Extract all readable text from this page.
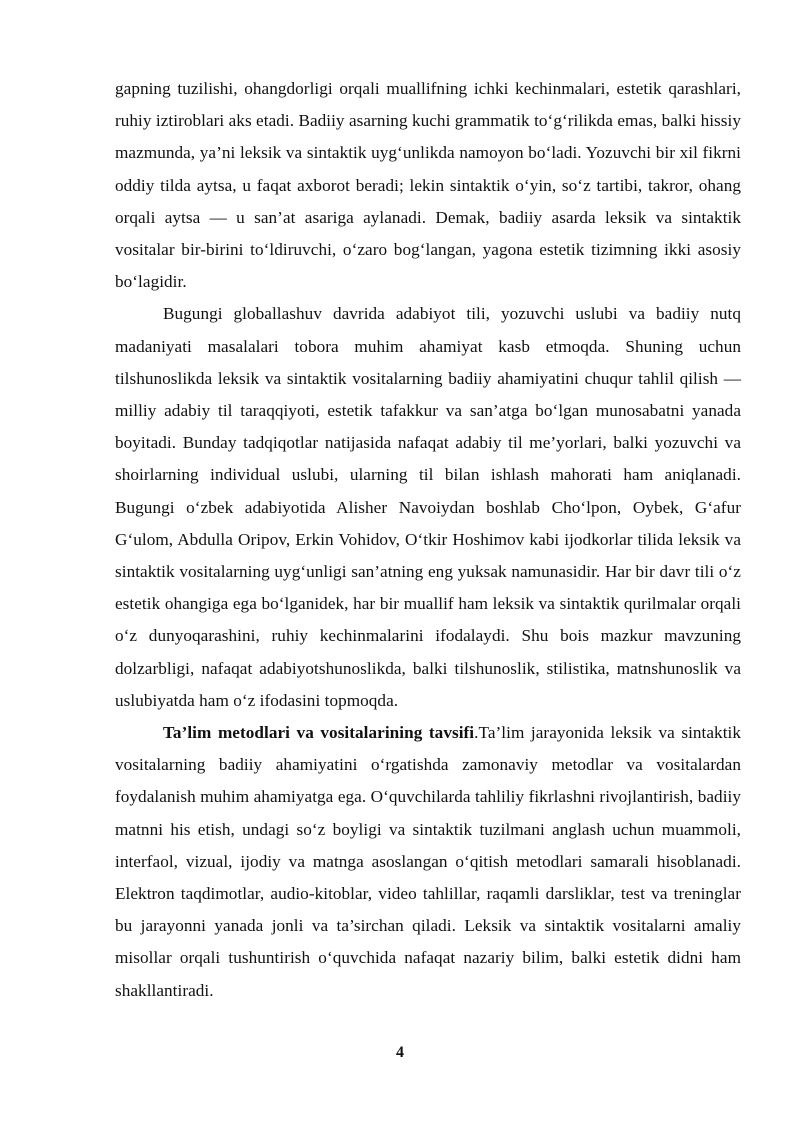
gapning tuzilishi, ohangdorligi orqali muallifning ichki kechinmalari, estetik qarashlari, ruhiy iztiroblari aks etadi. Badiiy asarning kuchi grammatik to‘g‘rilikda emas, balki hissiy mazmunda, ya’ni leksik va sintaktik uyg‘unlikda namoyon bo‘ladi. Yozuvchi bir xil fikrni oddiy tilda aytsa, u faqat axborot beradi; lekin sintaktik o‘yin, so‘z tartibi, takror, ohang orqali aytsa — u san’at asariga aylanadi. Demak, badiiy asarda leksik va sintaktik vositalar bir-birini to‘ldiruvchi, o‘zaro bog‘langan, yagona estetik tizimning ikki asosiy bo‘lagidir.

Bugungi globallashuv davrida adabiyot tili, yozuvchi uslubi va badiiy nutq madaniyati masalalari tobora muhim ahamiyat kasb etmoqda. Shuning uchun tilshunoslikda leksik va sintaktik vositalarning badiiy ahamiyatini chuqur tahlil qilish — milliy adabiy til taraqqiyoti, estetik tafakkur va san’atga bo‘lgan munosabatni yanada boyitadi. Bunday tadqiqotlar natijasida nafaqat adabiy til me’yorlari, balki yozuvchi va shoirlarning individual uslubi, ularning til bilan ishlash mahorati ham aniqlanadi. Bugungi o‘zbek adabiyotida Alisher Navoiydan boshlab Cho‘lpon, Oybek, G‘afur G‘ulom, Abdulla Oripov, Erkin Vohidov, O‘tkir Hoshimov kabi ijodkorlar tilida leksik va sintaktik vositalarning uyg‘unligi san’atning eng yuksak namunasidir. Har bir davr tili o‘z estetik ohangiga ega bo‘lganidek, har bir muallif ham leksik va sintaktik qurilmalar orqali o‘z dunyoqarashini, ruhiy kechinmalarini ifodalaydi. Shu bois mazkur mavzuning dolzarbligi, nafaqat adabiyotshunoslikda, balki tilshunoslik, stilistika, matnshunoslik va uslubiyatda ham o‘z ifodasini topmoqda.

Ta’lim metodlari va vositalarining tavsifi.Ta’lim jarayonida leksik va sintaktik vositalarning badiiy ahamiyatini o‘rgatishda zamonaviy metodlar va vositalardan foydalanish muhim ahamiyatga ega. O‘quvchilarda tahliliy fikrlashni rivojlantirish, badiiy matnni his etish, undagi so‘z boyligi va sintaktik tuzilmani anglash uchun muammoli, interfaol, vizual, ijodiy va matnga asoslangan o‘qitish metodlari samarali hisoblanadi. Elektron taqdimotlar, audio-kitoblar, video tahlillar, raqamli darsliklar, test va treninglar bu jarayonni yanada jonli va ta’sirchan qiladi. Leksik va sintaktik vositalarni amaliy misollar orqali tushuntirish o‘quvchida nafaqat nazariy bilim, balki estetik didni ham shakllantiradi.

4
